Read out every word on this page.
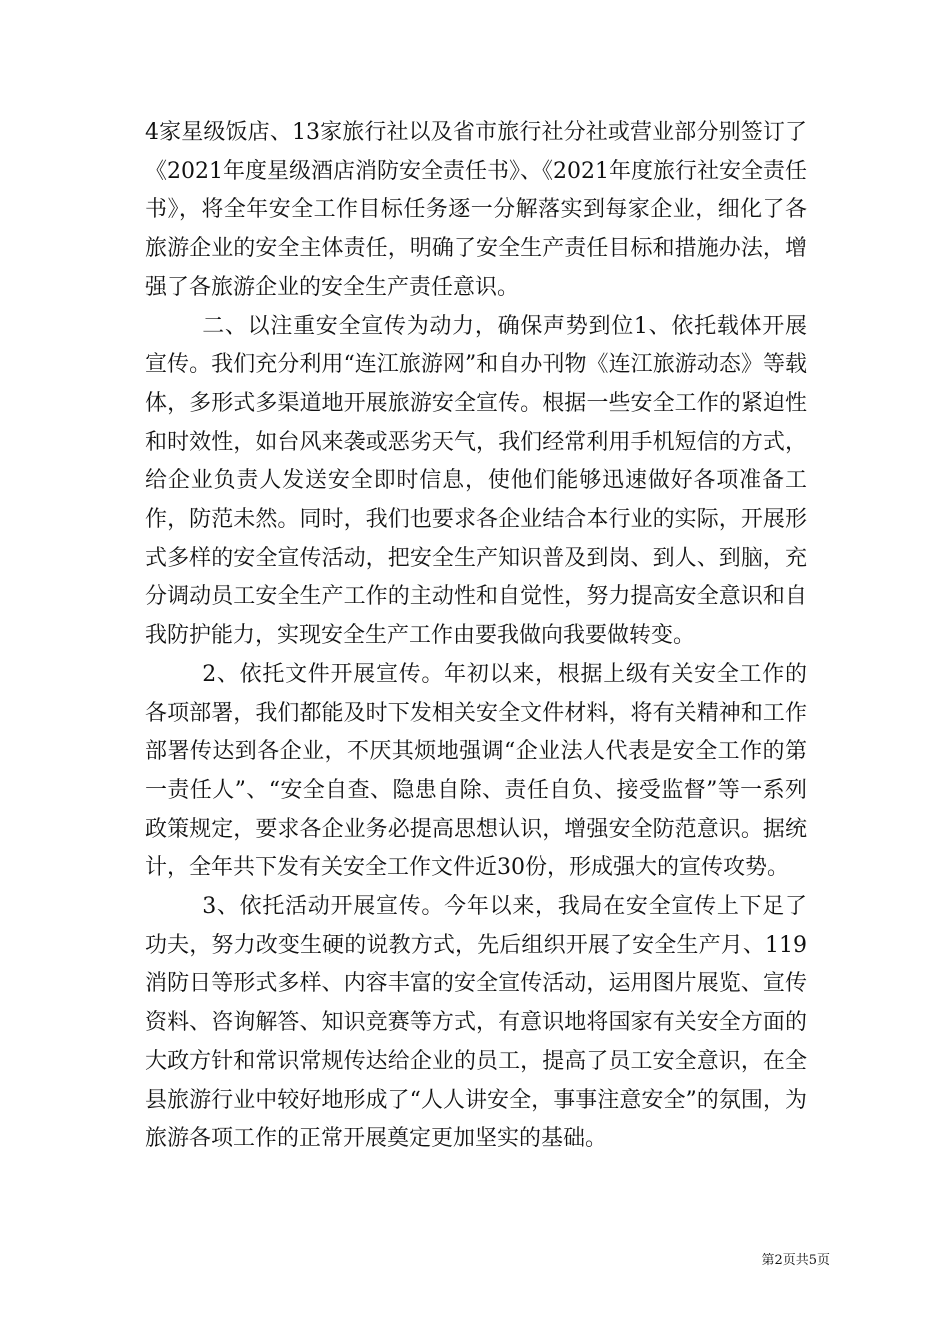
4家星级饭店、13家旅行社以及省市旅行社分社或营业部分别签订了《2021年度星级酒店消防安全责任书》、《2021年度旅行社安全责任书》，将全年安全工作目标任务逐一分解落实到每家企业，细化了各旅游企业的安全主体责任，明确了安全生产责任目标和措施办法，增强了各旅游企业的安全生产责任意识。

二、以注重安全宣传为动力，确保声势到位1、依托载体开展宣传。我们充分利用“连江旅游网”和自办刊物《连江旅游动态》等载体，多形式多渠道地开展旅游安全宣传。根据一些安全工作的紧迫性和时效性，如台风来袭或恶劣天气，我们经常利用手机短信的方式，给企业负责人发送安全即时信息，使他们能够迅速做好各项准备工作，防范未然。同时，我们也要求各企业结合本行业的实际，开展形式多样的安全宣传活动，把安全生产知识普及到岗、到人、到脑，充分调动员工安全生产工作的主动性和自觉性，努力提高安全意识和自我防护能力，实现安全生产工作由要我做向我要做转变。

2、依托文件开展宣传。年初以来，根据上级有关安全工作的各项部署，我们都能及时下发相关安全文件材料，将有关精神和工作部署传达到各企业，不厌其烦地强调“企业法人代表是安全工作的第一责任人”、“安全自查、隐患自除、责任自负、接受监督”等一系列政策规定，要求各企业务必提高思想认识，增强安全防范意识。据统计，全年共下发有关安全工作文件近30份，形成强大的宣传攻势。

3、依托活动开展宣传。今年以来，我局在安全宣传上下足了功夫，努力改变生硬的说教方式，先后组织开展了安全生产月、119消防日等形式多样、内容丰富的安全宣传活动，运用图片展览、宣传资料、咨询解答、知识竞赛等方式，有意识地将国家有关安全方面的大政方针和常识常规传达给企业的员工，提高了员工安全意识，在全县旅游行业中较好地形成了“人人讲安全，事事注意安全”的氛围，为旅游各项工作的正常开展奠定更加坚实的基础。

第2页共5页
